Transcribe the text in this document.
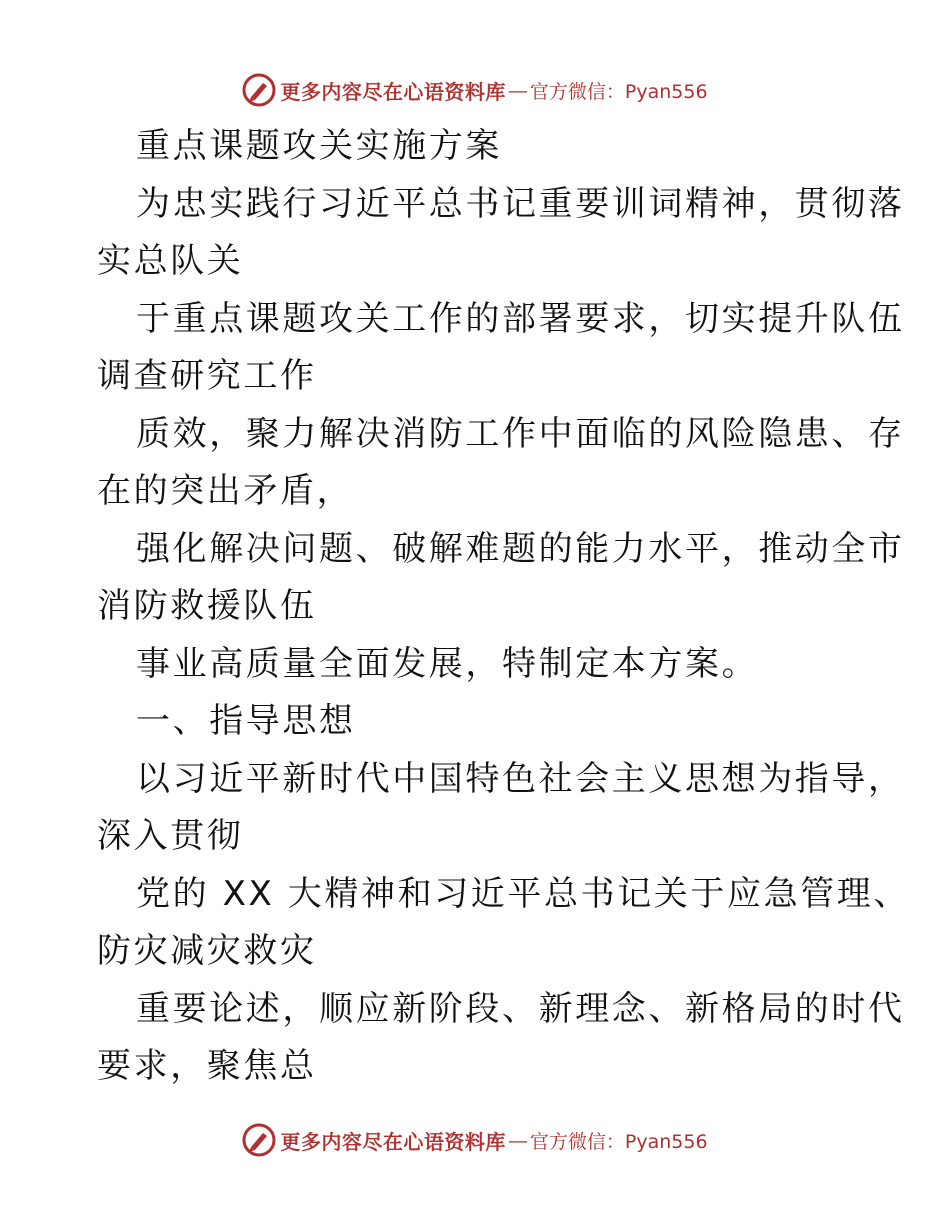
更多内容尽在心语资料库 — 官方微信：Pyan556

重点课题攻关实施方案

为忠实践行习近平总书记重要训词精神，贯彻落

实总队关

于重点课题攻关工作的部署要求，切实提升队伍

调查研究工作

质效，聚力解决消防工作中面临的风险隐患、存

在的突出矛盾，

强化解决问题、破解难题的能力水平，推动全市

消防救援队伍

事业高质量全面发展，特制定本方案。

一、指导思想

以习近平新时代中国特色社会主义思想为指导，

深入贯彻

党的 XX 大精神和习近平总书记关于应急管理、

防灾减灾救灾

重要论述，顺应新阶段、新理念、新格局的时代

要求，聚焦总

更多内容尽在心语资料库 — 官方微信：Pyan556
